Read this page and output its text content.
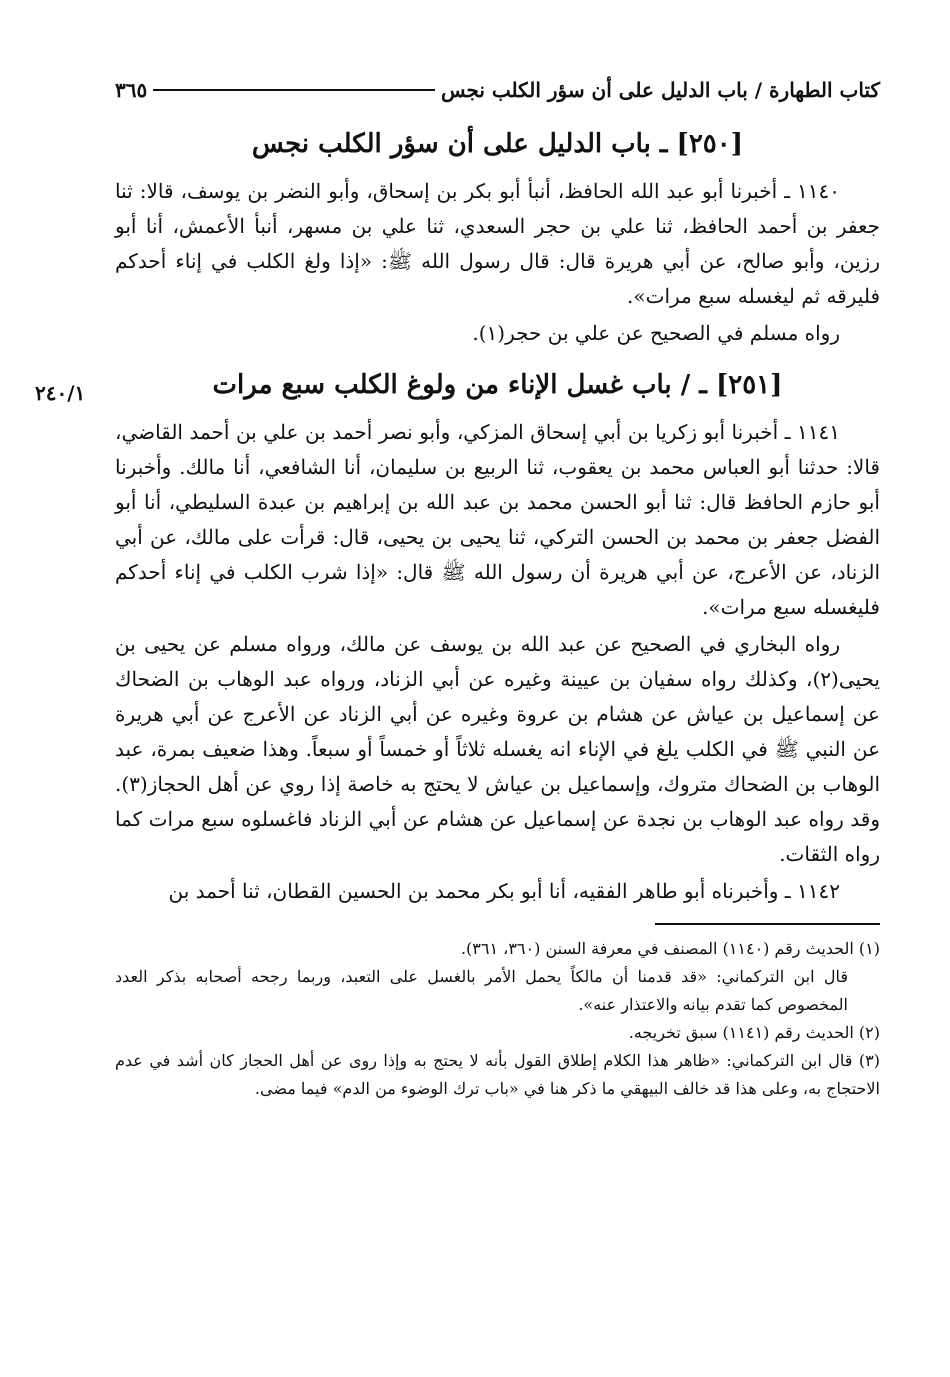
كتاب الطهارة / باب الدليل على أن سؤر الكلب نجس
٣٦٥
[٢٥٠] ـ باب الدليل على أن سؤر الكلب نجس

١١٤٠ ـ أخبرنا أبو عبد الله الحافظ، أنبأ أبو بكر بن إسحاق، وأبو النضر بن يوسف، قالا: ثنا جعفر بن أحمد الحافظ، ثنا علي بن حجر السعدي، ثنا علي بن مسهر، أنبأ الأعمش، أنا أبو رزين، وأبو صالح، عن أبي هريرة قال: قال رسول الله ﷺ: «إذا ولغ الكلب في إناء أحدكم فليرقه ثم ليغسله سبع مرات».

رواه مسلم في الصحيح عن علي بن حجر(١).

[٢٥١] ـ / باب غسل الإناء من ولوغ الكلب سبع مرات
٢٤٠/١

١١٤١ ـ أخبرنا أبو زكريا بن أبي إسحاق المزكي، وأبو نصر أحمد بن علي بن أحمد القاضي، قالا: حدثنا أبو العباس محمد بن يعقوب، ثنا الربيع بن سليمان، أنا الشافعي، أنا مالك. وأخبرنا أبو حازم الحافظ قال: ثنا أبو الحسن محمد بن عبد الله بن إبراهيم بن عبدة السليطي، أنا أبو الفضل جعفر بن محمد بن الحسن التركي، ثنا يحيى بن يحيى، قال: قرأت على مالك، عن أبي الزناد، عن الأعرج، عن أبي هريرة أن رسول الله ﷺ قال: «إذا شرب الكلب في إناء أحدكم فليغسله سبع مرات».

رواه البخاري في الصحيح عن عبد الله بن يوسف عن مالك، ورواه مسلم عن يحيى بن يحيى(٢)، وكذلك رواه سفيان بن عيينة وغيره عن أبي الزناد، ورواه عبد الوهاب بن الضحاك عن إسماعيل بن عياش عن هشام بن عروة وغيره عن أبي الزناد عن الأعرج عن أبي هريرة عن النبي ﷺ في الكلب يلغ في الإناء انه يغسله ثلاثاً أو خمساً أو سبعاً. وهذا ضعيف بمرة، عبد الوهاب بن الضحاك متروك، وإسماعيل بن عياش لا يحتج به خاصة إذا روي عن أهل الحجاز(٣). وقد رواه عبد الوهاب بن نجدة عن إسماعيل عن هشام عن أبي الزناد فاغسلوه سبع مرات كما رواه الثقات.

١١٤٢ ـ وأخبرناه أبو طاهر الفقيه، أنا أبو بكر محمد بن الحسين القطان، ثنا أحمد بن

(١) الحديث رقم (١١٤٠) المصنف في معرفة السنن (٣٦٠، ٣٦١).

قال ابن التركماني: «قد قدمنا أن مالكاً يحمل الأمر بالغسل على التعبد، وربما رجحه أصحابه بذكر العدد المخصوص كما تقدم بيانه والاعتذار عنه».

(٢) الحديث رقم (١١٤١) سبق تخريجه.

(٣) قال ابن التركماني: «ظاهر هذا الكلام إطلاق القول بأنه لا يحتج به وإذا روى عن أهل الحجاز كان أشد في عدم الاحتجاج به، وعلى هذا قد خالف البيهقي ما ذكر هنا في «باب ترك الوضوء من الدم» فيما مضى.
